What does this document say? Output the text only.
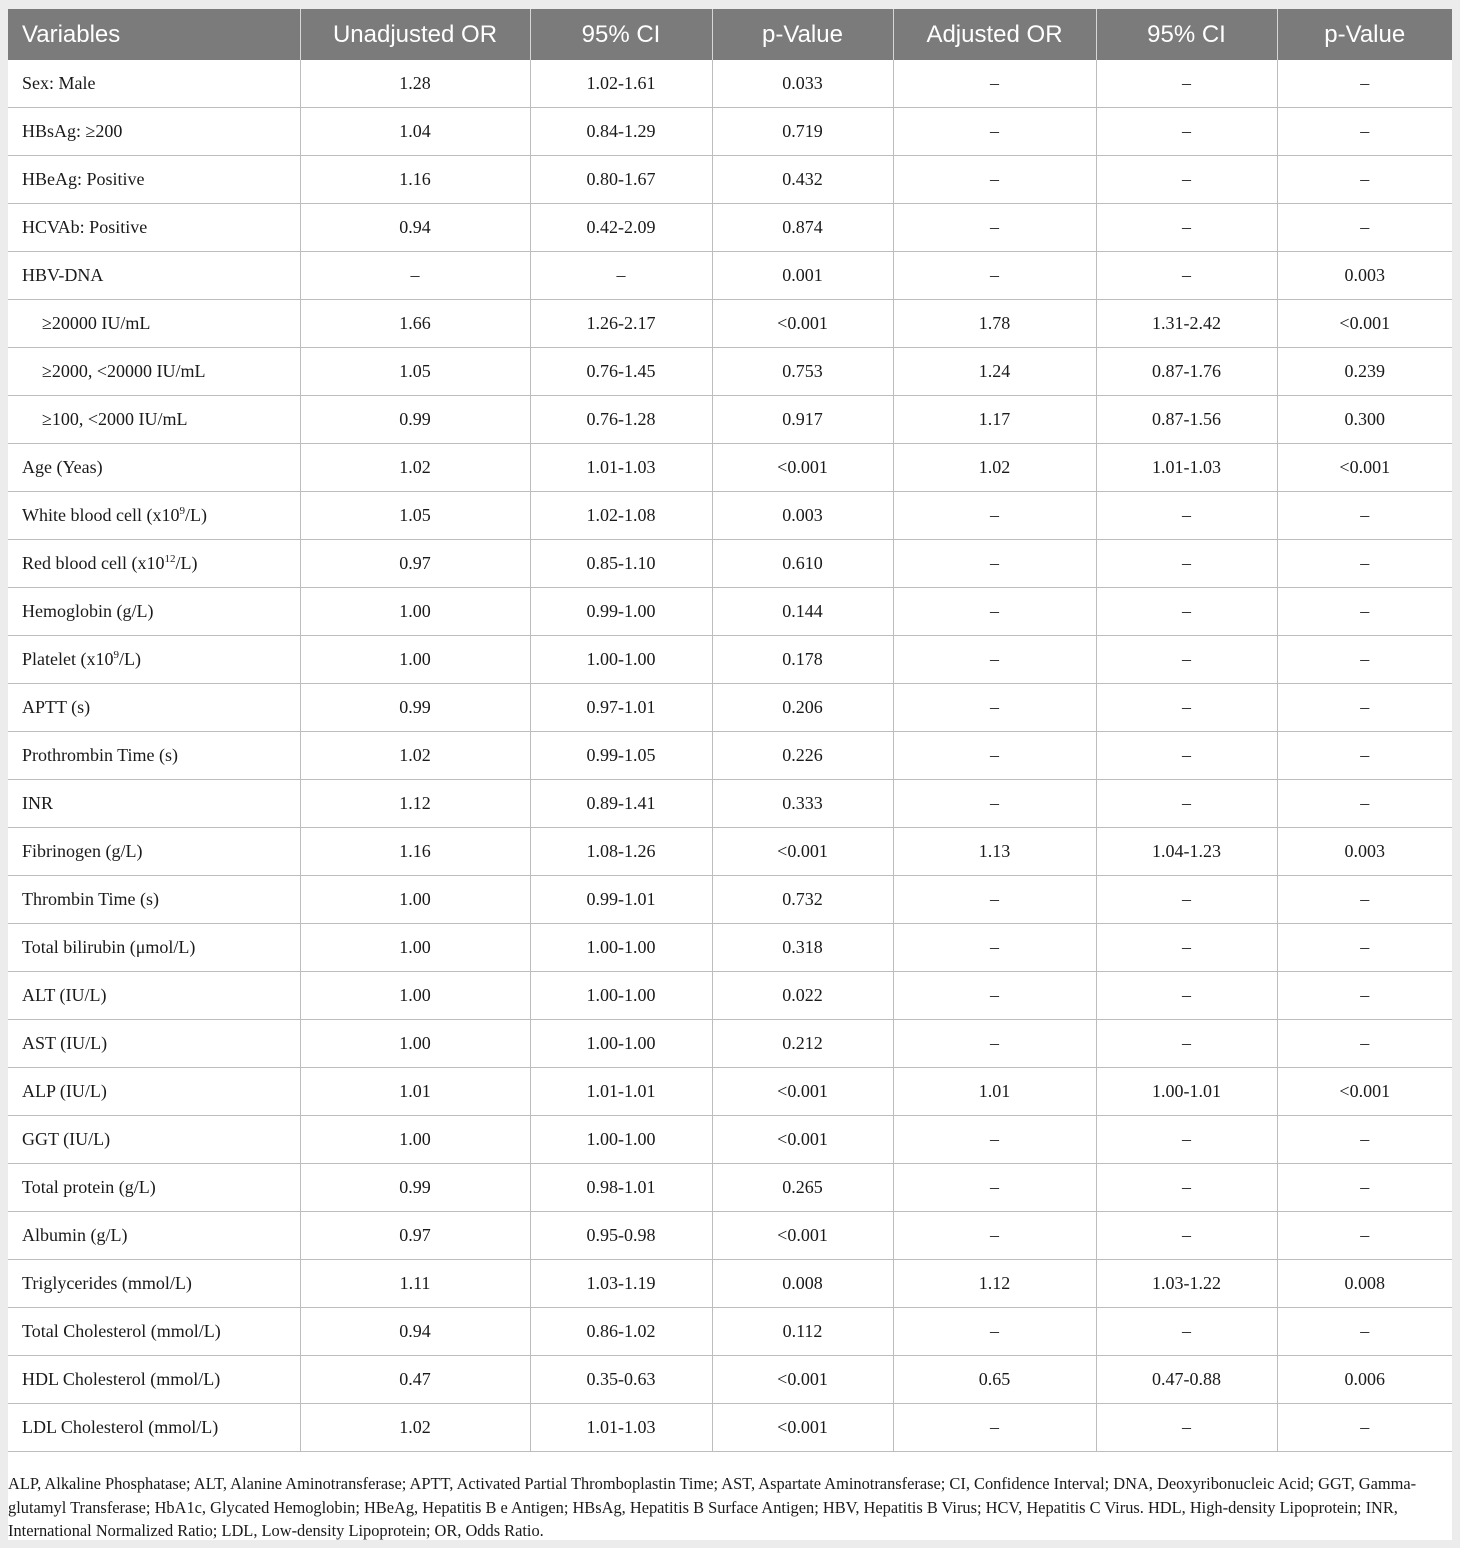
Variables	Unadjusted OR	95% CI	p-Value	Adjusted OR	95% CI	p-Value
Sex: Male	1.28	1.02-1.61	0.033	–	–	–
HBsAg: ≥200	1.04	0.84-1.29	0.719	–	–	–
HBeAg: Positive	1.16	0.80-1.67	0.432	–	–	–
HCVAb: Positive	0.94	0.42-2.09	0.874	–	–	–
HBV-DNA	–	–	0.001	–	–	0.003
≥20000 IU/mL	1.66	1.26-2.17	<0.001	1.78	1.31-2.42	<0.001
≥2000, <20000 IU/mL	1.05	0.76-1.45	0.753	1.24	0.87-1.76	0.239
≥100, <2000 IU/mL	0.99	0.76-1.28	0.917	1.17	0.87-1.56	0.300
Age (Yeas)	1.02	1.01-1.03	<0.001	1.02	1.01-1.03	<0.001
White blood cell $(x10^9/L)$	1.05	1.02-1.08	0.003	–	–	–
Red blood cell $(x10^{12}/L)$	0.97	0.85-1.10	0.610	–	–	–
Hemoglobin (g/L)	1.00	0.99-1.00	0.144	–	–	–
Platelet $(x10^9/L)$	1.00	1.00-1.00	0.178	–	–	–
APTT (s)	0.99	0.97-1.01	0.206	–	–	–
Prothrombin Time (s)	1.02	0.99-1.05	0.226	–	–	–
INR	1.12	0.89-1.41	0.333	–	–	–
Fibrinogen (g/L)	1.16	1.08-1.26	<0.001	1.13	1.04-1.23	0.003
Thrombin Time (s)	1.00	0.99-1.01	0.732	–	–	–
Total bilirubin (μmol/L)	1.00	1.00-1.00	0.318	–	–	–
ALT (IU/L)	1.00	1.00-1.00	0.022	–	–	–
AST (IU/L)	1.00	1.00-1.00	0.212	–	–	–
ALP (IU/L)	1.01	1.01-1.01	<0.001	1.01	1.00-1.01	<0.001
GGT (IU/L)	1.00	1.00-1.00	<0.001	–	–	–
Total protein (g/L)	0.99	0.98-1.01	0.265	–	–	–
Albumin (g/L)	0.97	0.95-0.98	<0.001	–	–	–
Triglycerides (mmol/L)	1.11	1.03-1.19	0.008	1.12	1.03-1.22	0.008
Total Cholesterol (mmol/L)	0.94	0.86-1.02	0.112	–	–	–
HDL Cholesterol (mmol/L)	0.47	0.35-0.63	<0.001	0.65	0.47-0.88	0.006
LDL Cholesterol (mmol/L)	1.02	1.01-1.03	<0.001	–	–	–
ALP, Alkaline Phosphatase; ALT, Alanine Aminotransferase; APTT, Activated Partial Thromboplastin Time; AST, Aspartate Aminotransferase; CI, Confidence Interval; DNA, Deoxyribonucleic Acid; GGT, Gamma-glutamyl Transferase; HbA1c, Glycated Hemoglobin; HBeAg, Hepatitis B e Antigen; HBsAg, Hepatitis B Surface Antigen; HBV, Hepatitis B Virus; HCV, Hepatitis C Virus. HDL, High-density Lipoprotein; INR, International Normalized Ratio; LDL, Low-density Lipoprotein; OR, Odds Ratio.
